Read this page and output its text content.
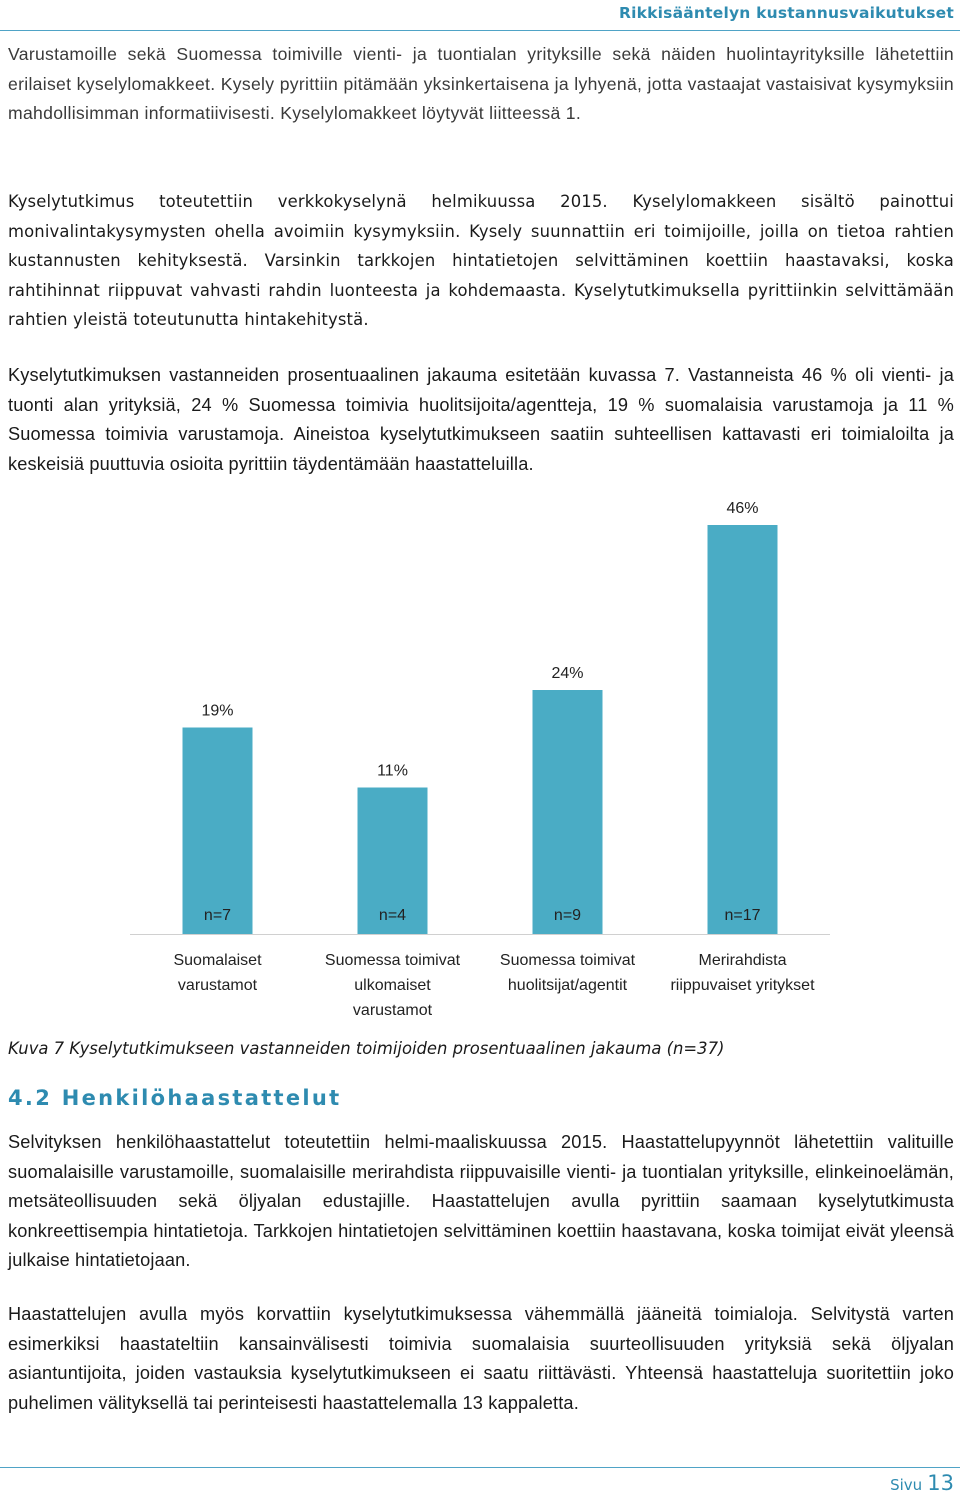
Rikkisääntelyn kustannusvaikutukset

Varustamoille sekä Suomessa toimiville vienti- ja tuontialan yrityksille sekä näiden huolintayrityksille lähetettiin erilaiset kyselylomakkeet. Kysely pyrittiin pitämään yksinkertaisena ja lyhyenä, jotta vastaajat vastaisivat kysymyksiin mahdollisimman informatiivisesti. Kyselylomakkeet löytyvät liitteessä 1.

Kyselytutkimus toteutettiin verkkokyselynä helmikuussa 2015. Kyselylomakkeen sisältö painottui monivalintakysymysten ohella avoimiin kysymyksiin. Kysely suunnattiin eri toimijoille, joilla on tietoa rahtien kustannusten kehityksestä. Varsinkin tarkkojen hintatietojen selvittäminen koettiin haastavaksi, koska rahtihinnat riippuvat vahvasti rahdin luonteesta ja kohdemaasta. Kyselytutkimuksella pyrittiinkin selvittämään rahtien yleistä toteutunutta hintakehitystä.

Kyselytutkimuksen vastanneiden prosentuaalinen jakauma esitetään kuvassa 7. Vastanneista 46 % oli vienti- ja tuonti alan yrityksiä, 24 % Suomessa toimivia huolitsijoita/agentteja, 19 % suomalaisia varustamoja ja 11 % Suomessa toimivia varustamoja. Aineistoa kyselytutkimukseen saatiin suhteellisen kattavasti eri toimialoilta ja keskeisiä puuttuvia osioita pyrittiin täydentämään haastatteluilla.

19%
n=7
11%
n=4
24%
n=9
46%
n=17
Suomalaiset
varustamot
Suomessa toimivat
ulkomaiset
varustamot
Suomessa toimivat
huolitsijat/agentit
Merirahdista
riippuvaiset yritykset
Kuva 7 Kyselytutkimukseen vastanneiden toimijoiden prosentuaalinen jakauma (n=37)
4.2 Henkilöhaastattelut

Selvityksen henkilöhaastattelut toteutettiin helmi-maaliskuussa 2015. Haastattelupyynnöt lähetettiin valituille suomalaisille varustamoille, suomalaisille merirahdista riippuvaisille vienti- ja tuontialan yrityksille, elinkeinoelämän, metsäteollisuuden sekä öljyalan edustajille. Haastattelujen avulla pyrittiin saamaan kyselytutkimusta konkreettisempia hintatietoja. Tarkkojen hintatietojen selvittäminen koettiin haastavana, koska toimijat eivät yleensä julkaise hintatietojaan.

Haastattelujen avulla myös korvattiin kyselytutkimuksessa vähemmällä jääneitä toimialoja. Selvitystä varten esimerkiksi haastateltiin kansainvälisesti toimivia suomalaisia suurteollisuuden yrityksiä sekä öljyalan asiantuntijoita, joiden vastauksia kyselytutkimukseen ei saatu riittävästi. Yhteensä haastatteluja suoritettiin joko puhelimen välityksellä tai perinteisesti haastattelemalla 13 kappaletta.

Sivu 13
